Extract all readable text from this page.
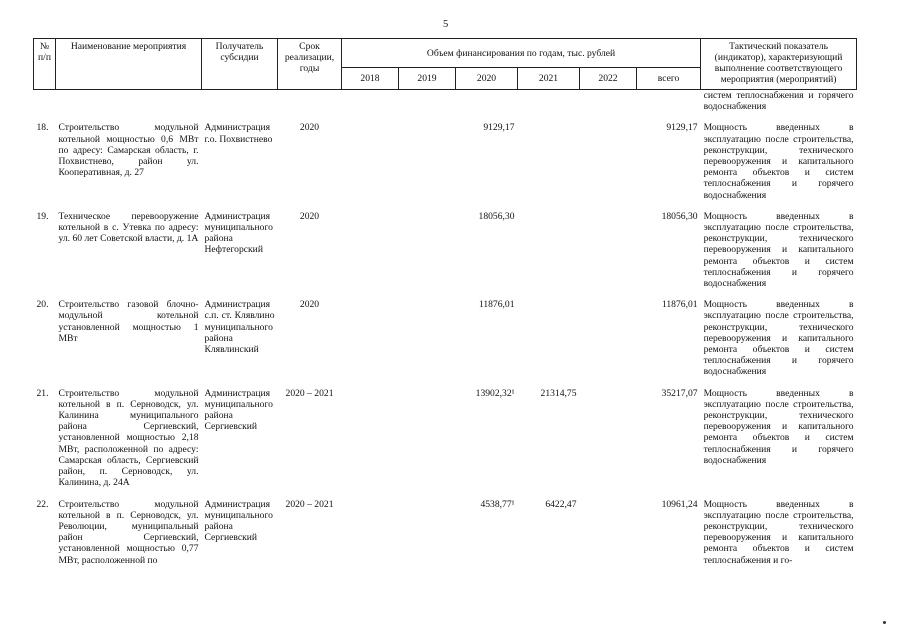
5
№ п/п	Наименование мероприятия	Получатель субсидии	Срок реализации, годы	Объем финансирования по годам, тыс. рублей						Тактический показатель (индикатор), характеризующий выполнение соответствующего мероприятия (мероприятий)
				2018	2019	2020	2021	2022	всего	
										систем теплоснабжения и горячего водоснабжения

18.	Строительство модульной котельной мощностью 0,6 МВт по адресу: Самарская область, г. Похвистнево, район ул. Кооперативная, д. 27	Администрация г.о. Похвистнево	2020			9129,17			9129,17	Мощность введенных в эксплуатацию после строительства, реконструкции, технического перевооружения и капитального ремонта объектов и систем теплоснабжения и горячего водоснабжения

19.	Техническое перевооружение котельной в с. Утевка по адресу: ул. 60 лет Советской власти, д. 1А	Администрация муниципального района Нефтегорский	2020			18056,30			18056,30	Мощность введенных в эксплуатацию после строительства, реконструкции, технического перевооружения и капитального ремонта объектов и систем теплоснабжения и горячего водоснабжения

20.	Строительство газовой блочно-модульной котельной установленной мощностью 1 МВт	Администрация с.п. ст. Клявлино муниципального района Клявлинский	2020			11876,01			11876,01	Мощность введенных в эксплуатацию после строительства, реконструкции, технического перевооружения и капитального ремонта объектов и систем теплоснабжения и горячего водоснабжения

21.	Строительство модульной котельной в п. Серноводск, ул. Калинина муниципального района Сергиевский, установленной мощностью 2,18 МВт, расположенной по адресу: Самарская область, Сергиевский район, п. Серноводск, ул. Калинина, д. 24А	Администрация муниципального района Сергиевский	2020 – 2021			13902,32¹	21314,75		35217,07	Мощность введенных в эксплуатацию после строительства, реконструкции, технического перевооружения и капитального ремонта объектов и систем теплоснабжения и горячего водоснабжения

22.	Строительство модульной котельной в п. Серноводск, ул. Революции, муниципальный район Сергиевский, установленной мощностью 0,77 МВт, расположенной по	Администрация муниципального района Сергиевский	2020 – 2021			4538,77¹	6422,47		10961,24	Мощность введенных в эксплуатацию после строительства, реконструкции, технического перевооружения и капитального ремонта объектов и систем теплоснабжения и го-
